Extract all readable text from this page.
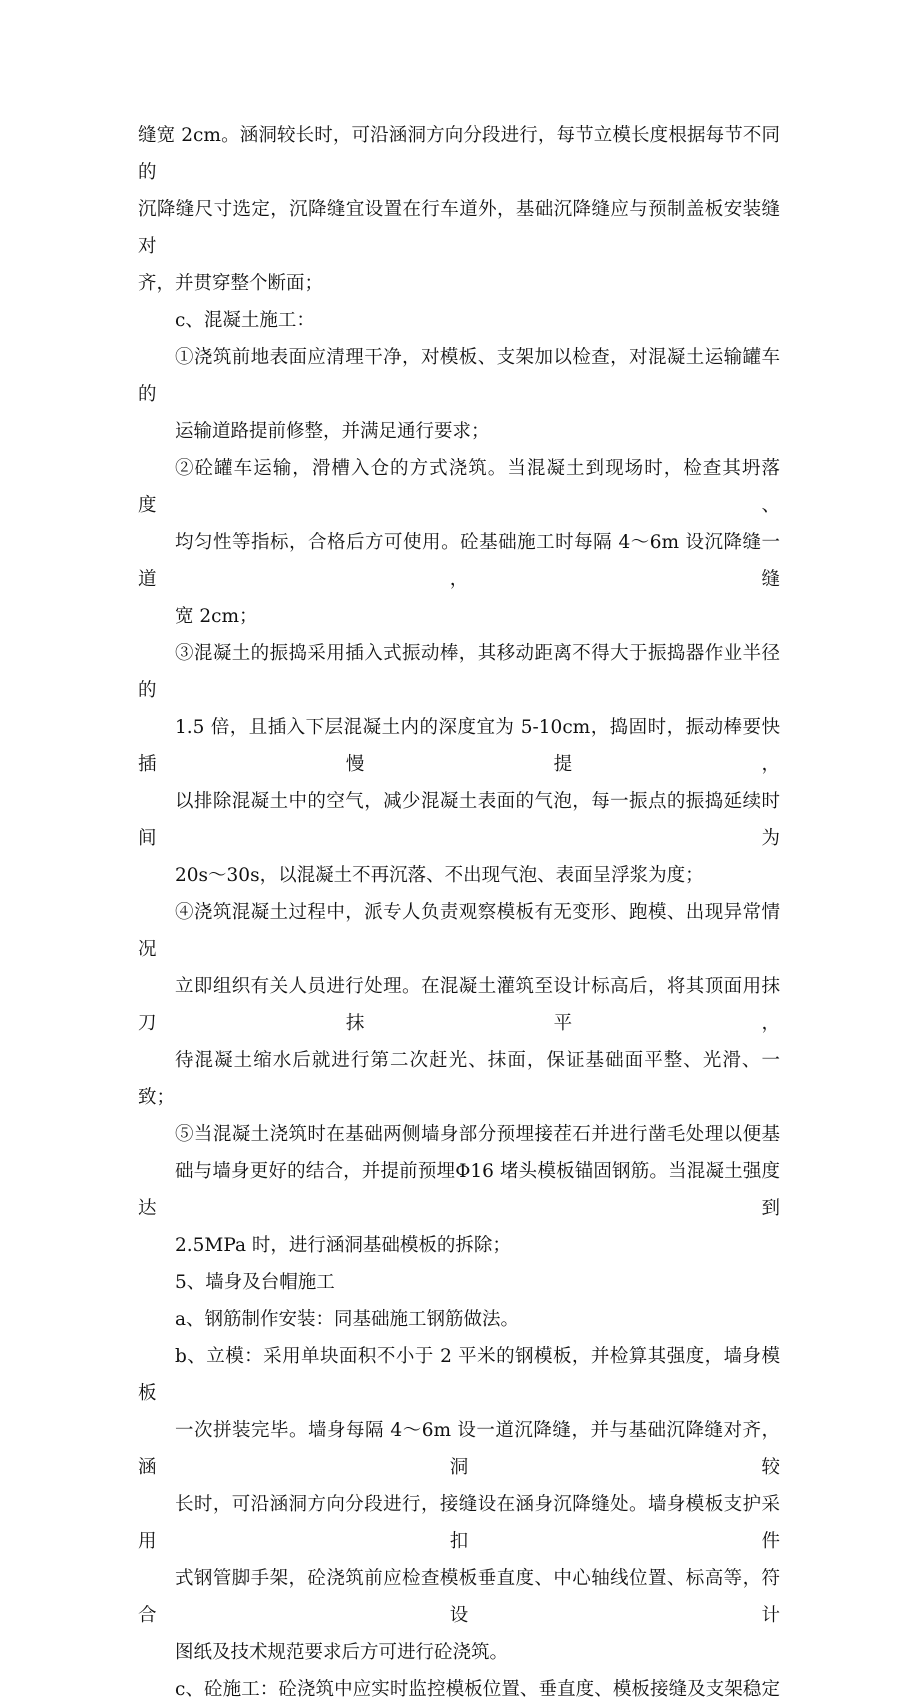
缝宽 2cm。涵洞较长时，可沿涵洞方向分段进行，每节立模长度根据每节不同的
沉降缝尺寸选定，沉降缝宜设置在行车道外，基础沉降缝应与预制盖板安装缝对
齐，并贯穿整个断面；
c、混凝土施工：
①浇筑前地表面应清理干净，对模板、支架加以检查，对混凝土运输罐车的
运输道路提前修整，并满足通行要求；
②砼罐车运输，滑槽入仓的方式浇筑。当混凝土到现场时，检查其坍落度、
均匀性等指标，合格后方可使用。砼基础施工时每隔 4～6m 设沉降缝一道，缝
宽 2cm；
③混凝土的振捣采用插入式振动棒，其移动距离不得大于振捣器作业半径的
1.5 倍，且插入下层混凝土内的深度宜为 5-10cm，捣固时，振动棒要快插慢提，
以排除混凝土中的空气，减少混凝土表面的气泡，每一振点的振捣延续时间为
20s～30s，以混凝土不再沉落、不出现气泡、表面呈浮浆为度；
④浇筑混凝土过程中，派专人负责观察模板有无变形、跑模、出现异常情况
立即组织有关人员进行处理。在混凝土灌筑至设计标高后，将其顶面用抹刀抹平，
待混凝土缩水后就进行第二次赶光、抹面，保证基础面平整、光滑、一致；
⑤当混凝土浇筑时在基础两侧墙身部分预埋接茬石并进行凿毛处理以便基
础与墙身更好的结合，并提前预埋Φ16 堵头模板锚固钢筋。当混凝土强度达到
2.5MPa 时，进行涵洞基础模板的拆除；
5、墙身及台帽施工
a、钢筋制作安装：同基础施工钢筋做法。
b、立模：采用单块面积不小于 2 平米的钢模板，并检算其强度，墙身模板
一次拼装完毕。墙身每隔 4～6m 设一道沉降缝，并与基础沉降缝对齐，涵洞较
长时，可沿涵洞方向分段进行，接缝设在涵身沉降缝处。墙身模板支护采用扣件
式钢管脚手架，砼浇筑前应检查模板垂直度、中心轴线位置、标高等，符合设计
图纸及技术规范要求后方可进行砼浇筑。
c、砼施工：砼浇筑中应实时监控模板位置、垂直度、模板接缝及支架稳定
